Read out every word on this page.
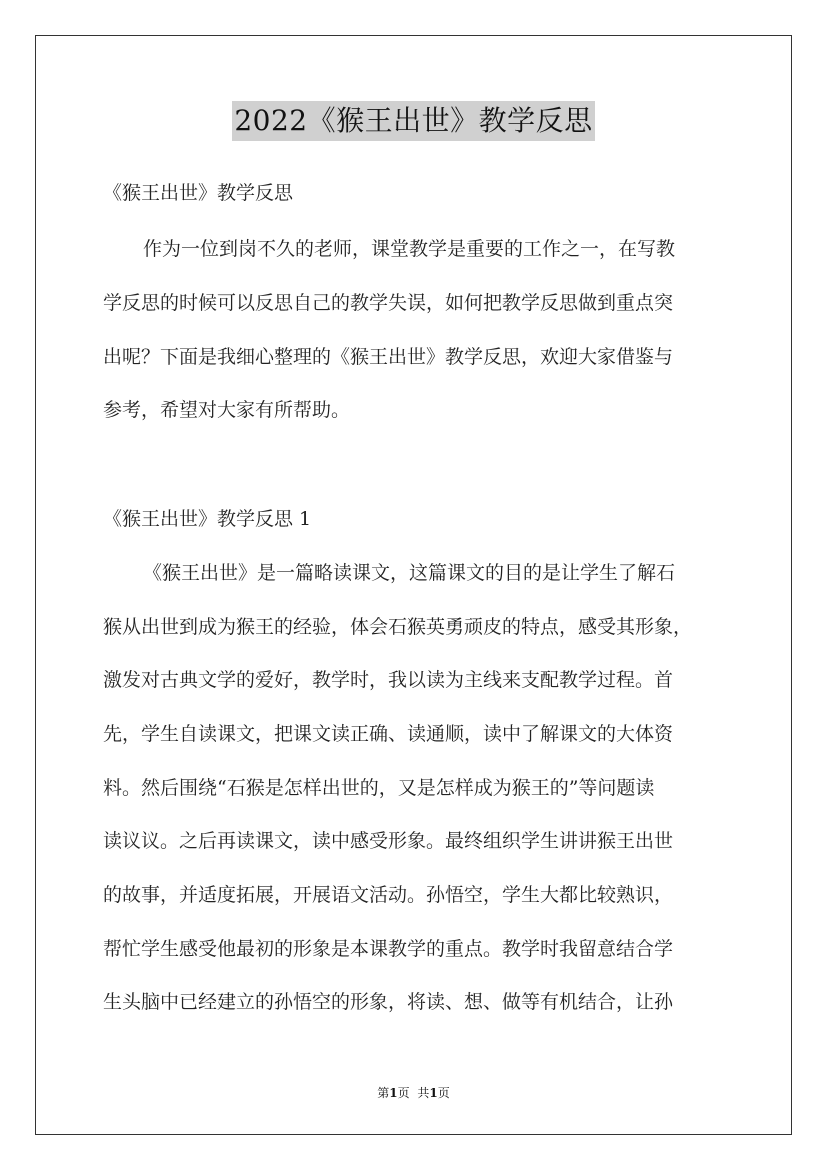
2022《猴王出世》教学反思
《猴王出世》教学反思
作为一位到岗不久的老师，课堂教学是重要的工作之一，在写教
学反思的时候可以反思自己的教学失误，如何把教学反思做到重点突
出呢？下面是我细心整理的《猴王出世》教学反思，欢迎大家借鉴与
参考，希望对大家有所帮助。
《猴王出世》教学反思 1
《猴王出世》是一篇略读课文，这篇课文的目的是让学生了解石
猴从出世到成为猴王的经验，体会石猴英勇顽皮的特点，感受其形象，
激发对古典文学的爱好，教学时，我以读为主线来支配教学过程。首
先，学生自读课文，把课文读正确、读通顺，读中了解课文的大体资
料。然后围绕“石猴是怎样出世的，又是怎样成为猴王的”等问题读
读议议。之后再读课文，读中感受形象。最终组织学生讲讲猴王出世
的故事，并适度拓展，开展语文活动。孙悟空，学生大都比较熟识，
帮忙学生感受他最初的形象是本课教学的重点。教学时我留意结合学
生头脑中已经建立的孙悟空的形象，将读、想、做等有机结合，让孙
第1页 共1页
